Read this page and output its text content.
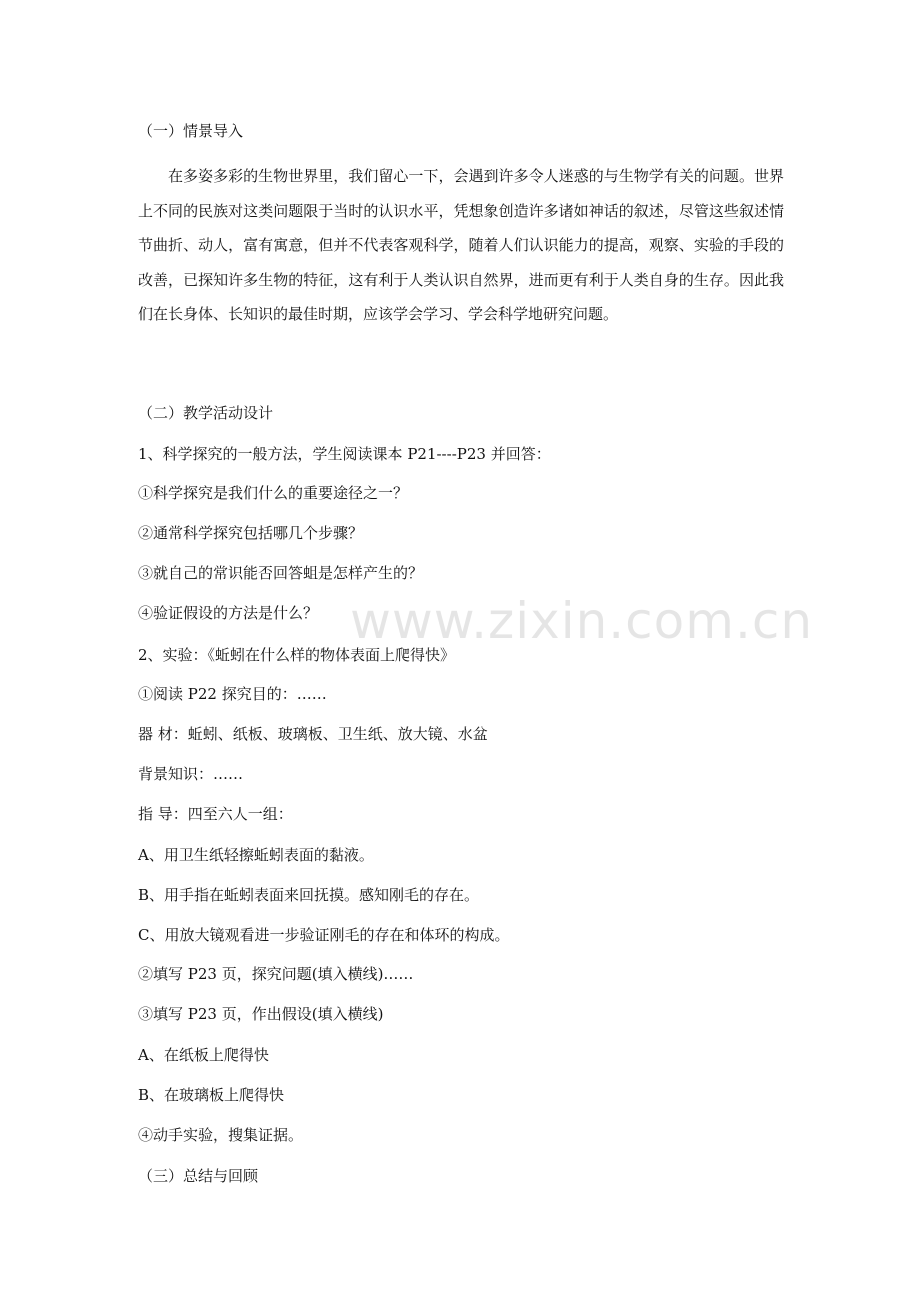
（一）情景导入
在多姿多彩的生物世界里，我们留心一下，会遇到许多令人迷惑的与生物学有关的问题。世界上不同的民族对这类问题限于当时的认识水平，凭想象创造许多诸如神话的叙述，尽管这些叙述情节曲折、动人，富有寓意，但并不代表客观科学，随着人们认识能力的提高，观察、实验的手段的改善，已探知许多生物的特征，这有利于人类认识自然界，进而更有利于人类自身的生存。因此我们在长身体、长知识的最佳时期，应该学会学习、学会科学地研究问题。
（二）教学活动设计
1、科学探究的一般方法，学生阅读课本 P21----P23 并回答：
①科学探究是我们什么的重要途径之一？
②通常科学探究包括哪几个步骤？
③就自己的常识能否回答蛆是怎样产生的？
④验证假设的方法是什么？
2、实验：《蚯蚓在什么样的物体表面上爬得快》
①阅读 P22 探究目的：……
器 材：蚯蚓、纸板、玻璃板、卫生纸、放大镜、水盆
背景知识：……
指 导：四至六人一组：
A、用卫生纸轻擦蚯蚓表面的黏液。
B、用手指在蚯蚓表面来回抚摸。感知刚毛的存在。
C、用放大镜观看进一步验证刚毛的存在和体环的构成。
②填写 P23 页，探究问题(填入横线)……
③填写 P23 页，作出假设(填入横线)
A、在纸板上爬得快
B、在玻璃板上爬得快
④动手实验，搜集证据。
（三）总结与回顾
www.zixin.com.cn
